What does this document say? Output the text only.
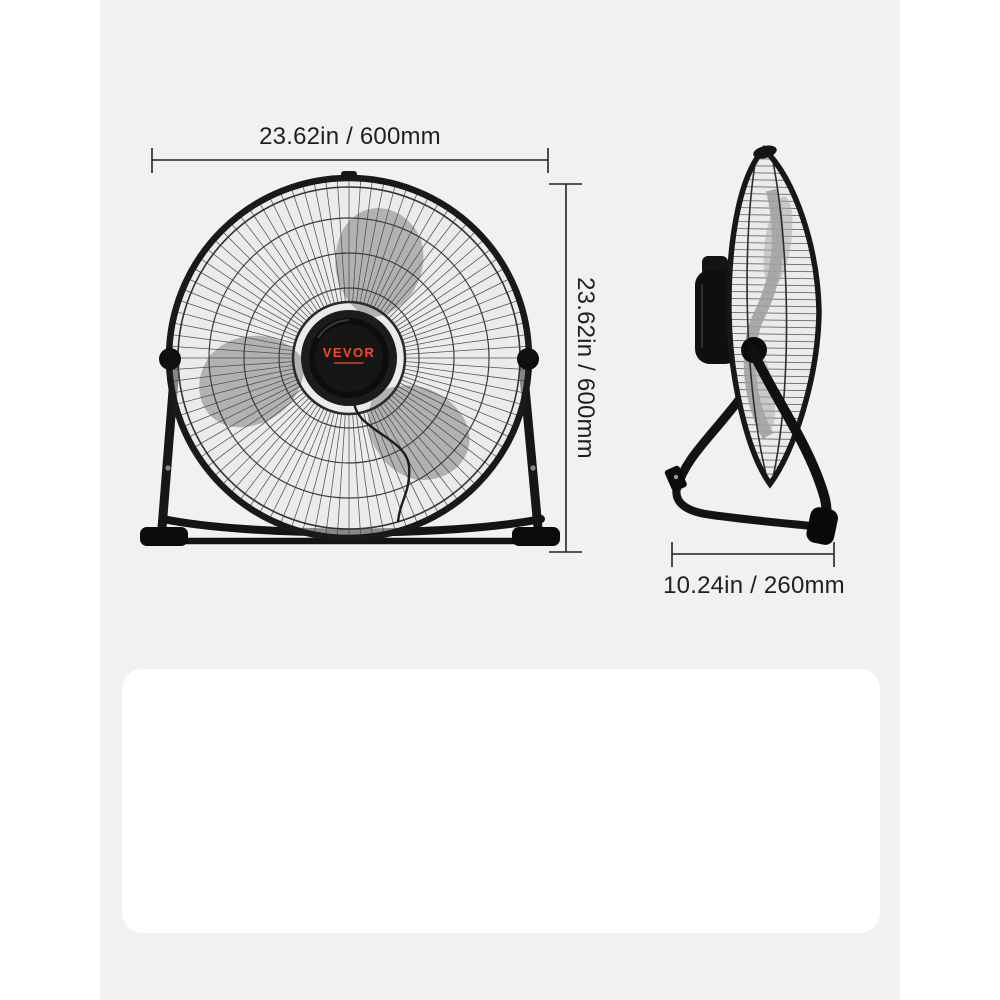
23.62in / 600mm
23.62in / 600mm
10.24in / 260mm
VEVOR
